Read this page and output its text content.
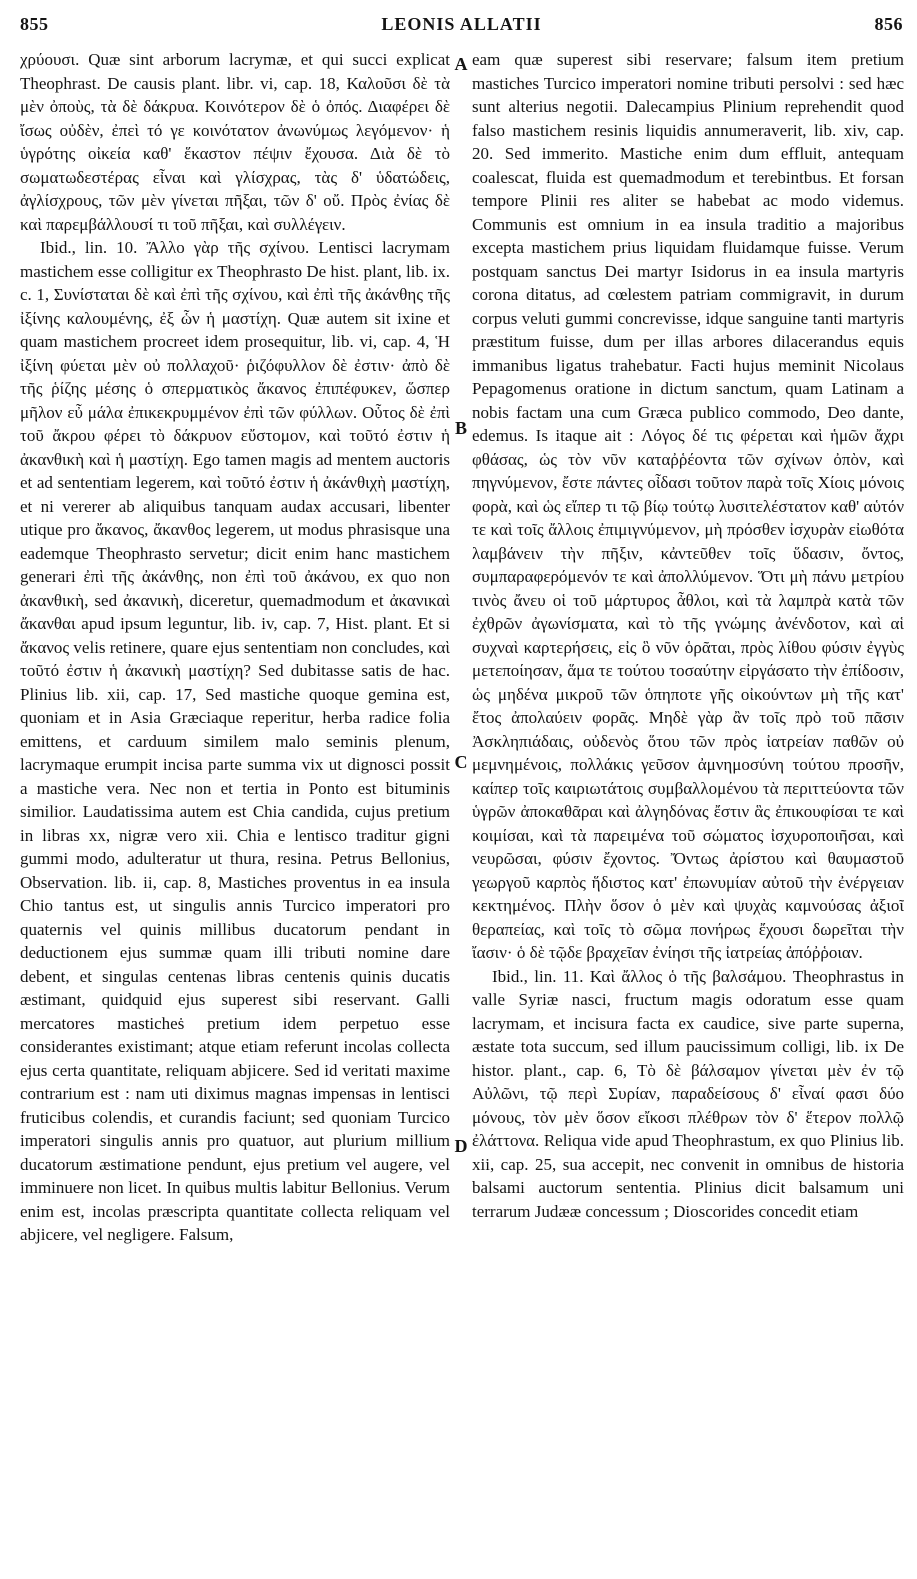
855	LEONIS ALLATII	856

χρύουσι. Quæ sint arborum lacrymæ, et qui succi explicat Theophrast. De causis plant. libr. vi, cap. 18, Καλοῦσι δὲ τὰ μὲν ὀποὺς, τὰ δὲ δάκρυα. Κοινότερον δὲ ὁ ὀπός. Διαφέρει δὲ ἴσως οὐδὲν, ἐπεὶ τό γε κοινότατον ἀνωνύμως λεγόμενον· ἡ ὑγρότης οἰκεία καθ' ἕκαστον πέψιν ἔχουσα. Διὰ δὲ τὸ σωματωδεστέρας εἶναι καὶ γλίσχρας, τὰς δ' ὑδατώδεις, ἀγλίσχρους, τῶν μὲν γίνεται πῆξαι, τῶν δ' οὔ. Πρὸς ἐνίας δὲ καὶ παρεμβάλλουσί τι τοῦ πῆξαι, καὶ συλλέγειν.

Ibid., lin. 10. Ἄλλο γὰρ τῆς σχίνου. Lentisci lacrymam mastichem esse colligitur ex Theophrasto De hist. plant, lib. ix. c. 1, Συνίσταται δὲ καὶ ἐπὶ τῆς σχίνου, καὶ ἐπὶ τῆς ἀκάνθης τῆς ἰξίνης καλουμένης, ἐξ ὧν ἡ μαστίχη. Quæ autem sit ixine et quam mastichem procreet idem prosequitur, lib. vi, cap. 4, Ἡ ἰξίνη φύεται μὲν οὐ πολλαχοῦ· ῥιζόφυλλον δὲ ἐστιν· ἀπὸ δὲ τῆς ῥίζης μέσης ὁ σπερματικὸς ἄκανος ἐπιπέφυκεν, ὥσπερ μῆλον εὖ μάλα ἐπικεκρυμμένον ἐπὶ τῶν φύλλων. Οὗτος δὲ ἐπὶ τοῦ ἄκρου φέρει τὸ δάκρυον εὔστομον, καὶ τοῦτό ἐστιν ἡ ἀκανθικὴ καὶ ἡ μαστίχη. Ego tamen magis ad mentem auctoris et ad sententiam legerem, καὶ τοῦτό ἐστιν ἡ ἀκάνθιχὴ μαστίχη, et ni vererer ab aliquibus tanquam audax accusari, libenter utique pro ἄκανος, ἄκανθος legerem, ut modus phrasisque una eademque Theophrasto servetur; dicit enim hanc mastichem generari ἐπὶ τῆς ἀκάνθης, non ἐπὶ τοῦ ἀκάνου, ex quo non ἀκανθικὴ, sed ἀκανικὴ, diceretur, quemadmodum et ἀκανικαὶ ἄκανθαι apud ipsum leguntur, lib. iv, cap. 7, Hist. plant. Et si ἄκανος velis retinere, quare ejus sententiam non concludes, καὶ τοῦτό ἐστιν ἡ ἀκανικὴ μαστίχη? Sed dubitasse satis de hac. Plinius lib. xii, cap. 17, Sed mastiche quoque gemina est, quoniam et in Asia Græciaque reperitur, herba radice folia emittens, et carduum similem malo seminis plenum, lacrymaque erumpit incisa parte summa vix ut dignosci possit a mastiche vera. Nec non et tertia in Ponto est bituminis similior. Laudatissima autem est Chia candida, cujus pretium in libras xx, nigræ vero xii. Chia e lentisco traditur gigni gummi modo, adulteratur ut thura, resina. Petrus Bellonius, Observation. lib. ii, cap. 8, Mastiches proventus in ea insula Chio tantus est, ut singulis annis Turcico imperatori pro quaternis vel quinis millibus ducatorum pendant in deductionem ejus summæ quam illi tributi nomine dare debent, et singulas centenas libras centenis quinis ducatis æstimant, quidquid ejus superest sibi reservant. Galli mercatores masticheṡ pretium idem perpetuo esse considerantes existimant; atque etiam referunt incolas collecta ejus certa quantitate, reliquam abjicere. Sed id veritati maxime contrarium est : nam uti diximus magnas impensas in lentisci fruticibus colendis, et curandis faciunt; sed quoniam Turcico imperatori singulis annis pro quatuor, aut plurium millium ducatorum æstimatione pendunt, ejus pretium vel augere, vel imminuere non licet. In quibus multis labitur Bellonius. Verum enim est, incolas præscripta quantitate collecta reliquam vel abjicere, vel negligere. Falsum,

A
B
C
D

eam quæ superest sibi reservare; falsum item pretium mastiches Turcico imperatori nomine tributi persolvi : sed hæc sunt alterius negotii. Dalecampius Plinium reprehendit quod falso mastichem resinis liquidis annumeraverit, lib. xiv, cap. 20. Sed immerito. Mastiche enim dum effluit, antequam coalescat, fluida est quemadmodum et terebintbus. Et forsan tempore Plinii res aliter se habebat ac modo videmus. Communis est omnium in ea insula traditio a majoribus excepta mastichem prius liquidam fluidamque fuisse. Verum postquam sanctus Dei martyr Isidorus in ea insula martyris corona ditatus, ad cœlestem patriam commigravit, in durum corpus veluti gummi concrevisse, idque sanguine tanti martyris præstitum fuisse, dum per illas arbores dilacerandus equis immanibus ligatus trahebatur. Facti hujus meminit Nicolaus Pepagomenus oratione in dictum sanctum, quam Latinam a nobis factam una cum Græca publico commodo, Deo dante, edemus. Is itaque ait : Λόγος δέ τις φέρεται καὶ ἡμῶν ἄχρι φθάσας, ὡς τὸν νῦν καταῤῥέοντα τῶν σχίνων ὀπὸν, καὶ πηγνύμενον, ἔστε πάντες οἶδασι τοῦτον παρὰ τοῖς Χίοις μόνοις φορὰ, καὶ ὡς εἴπερ τι τῷ βίῳ τούτῳ λυσιτελέστατον καθ' αὑτόν τε καὶ τοῖς ἄλλοις ἐπιμιγνύμενον, μὴ πρόσθεν ἰσχυρὰν εἰωθότα λαμβάνειν τὴν πῆξιν, κἀντεῦθεν τοῖς ὕδασιν, ὄντος, συμπαραφερόμενόν τε καὶ ἀπολλύμενον. Ὅτι μὴ πάνυ μετρίου τινὸς ἄνευ οἱ τοῦ μάρτυρος ἆθλοι, καὶ τὰ λαμπρὰ κατὰ τῶν ἐχθρῶν ἀγωνίσματα, καὶ τὸ τῆς γνώμης ἀνένδοτον, καὶ αἱ συχναὶ καρτερήσεις, εἰς ὃ νῦν ὁρᾶται, πρὸς λίθου φύσιν ἐγγὺς μετεποίησαν, ἅμα τε τούτου τοσαύτην εἰργάσατο τὴν ἐπίδοσιν, ὡς μηδένα μικροῦ τῶν ὁπηποτε γῆς οἰκούντων μὴ τῆς κατ' ἔτος ἀπολαύειν φορᾶς. Μηδὲ γὰρ ἂν τοῖς πρὸ τοῦ πᾶσιν Ἀσκληπιάδαις, οὐδενὸς ὅτου τῶν πρὸς ἰατρείαν παθῶν οὐ μεμνημένοις, πολλάκις γεῦσον ἀμνημοσύνη τούτου προσῆν, καίπερ τοῖς καιριωτάτοις συμβαλλομένου τὰ περιττεύοντα τῶν ὑγρῶν ἀποκαθᾶραι καὶ ἀλγηδόνας ἔστιν ἃς ἐπικουφίσαι τε καὶ κοιμίσαι, καὶ τὰ παρειμένα τοῦ σώματος ἰσχυροποιῆσαι, καὶ νευρῶσαι, φύσιν ἔχοντος. Ὄντως ἀρίστου καὶ θαυμαστοῦ γεωργοῦ καρπὸς ἥδιστος κατ' ἐπωνυμίαν αὐτοῦ τὴν ἐνέργειαν κεκτημένος. Πλὴν ὅσον ὁ μὲν καὶ ψυχὰς καμνούσας ἀξιοῖ θεραπείας, καὶ τοῖς τὸ σῶμα πονήρως ἔχουσι δωρεῖται τὴν ἴασιν· ὁ δὲ τῷδε βραχεῖαν ἐνίησι τῆς ἰατρείας ἀπόῤῥοιαν.

Ibid., lin. 11. Καὶ ἄλλος ὁ τῆς βαλσάμου. Theophrastus in valle Syriæ nasci, fructum magis odoratum esse quam lacrymam, et incisura facta ex caudice, sive parte superna, æstate tota succum, sed illum paucissimum colligi, lib. ix De histor. plant., cap. 6, Τὸ δὲ βάλσαμον γίνεται μὲν ἐν τῷ Αὐλῶνι, τῷ περὶ Συρίαν, παραδείσους δ' εἶναί φασι δύο μόνους, τὸν μὲν ὅσον εἴκοσι πλέθρων τὸν δ' ἕτερον πολλῷ ἐλάττονα. Reliqua vide apud Theophrastum, ex quo Plinius lib. xii, cap. 25, sua accepit, nec convenit in omnibus de historia balsami auctorum sententia. Plinius dicit balsamum uni terrarum Judææ concessum ; Dioscorides concedit etiam
